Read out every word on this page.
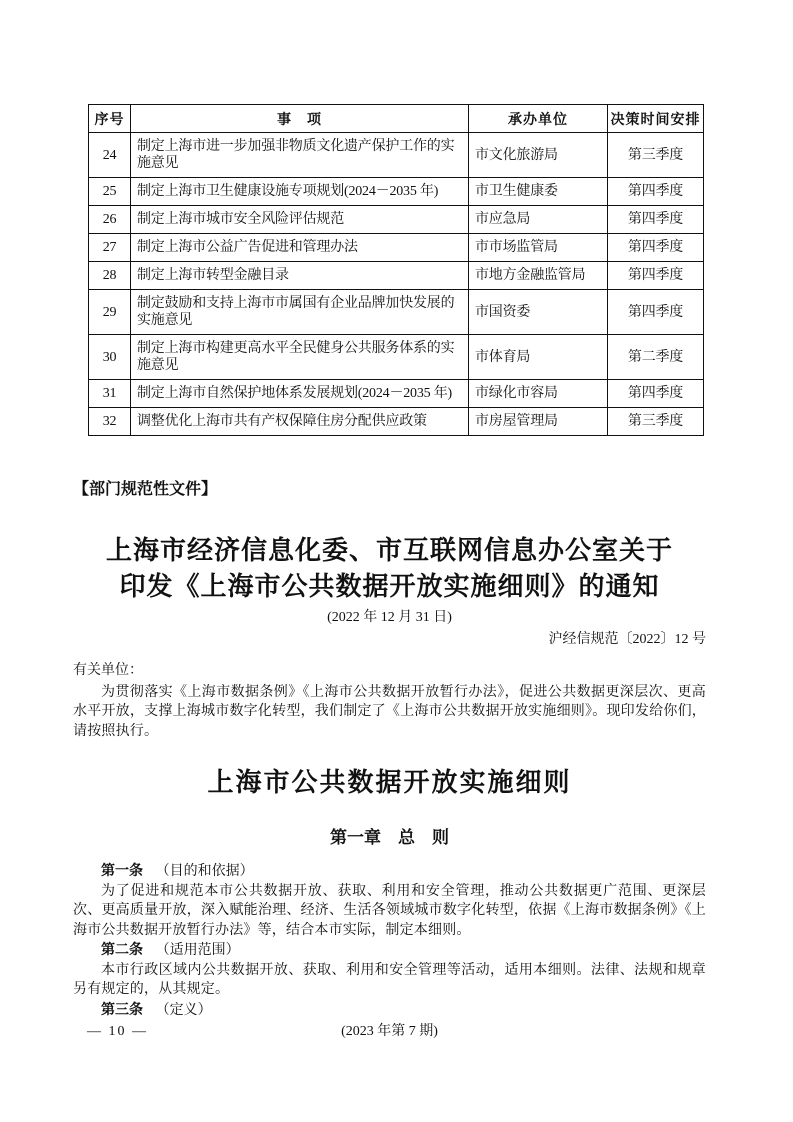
序号	事　项	承办单位	决策时间安排
24	制定上海市进一步加强非物质文化遗产保护工作的实施意见	市文化旅游局	第三季度
25	制定上海市卫生健康设施专项规划(2024－2035 年)	市卫生健康委	第四季度
26	制定上海市城市安全风险评估规范	市应急局	第四季度
27	制定上海市公益广告促进和管理办法	市市场监管局	第四季度
28	制定上海市转型金融目录	市地方金融监管局	第四季度
29	制定鼓励和支持上海市市属国有企业品牌加快发展的实施意见	市国资委	第四季度
30	制定上海市构建更高水平全民健身公共服务体系的实施意见	市体育局	第二季度
31	制定上海市自然保护地体系发展规划(2024－2035 年)	市绿化市容局	第四季度
32	调整优化上海市共有产权保障住房分配供应政策	市房屋管理局	第三季度
【部门规范性文件】
上海市经济信息化委、市互联网信息办公室关于
印发《上海市公共数据开放实施细则》的通知
(2022 年 12 月 31 日)
沪经信规范〔2022〕12 号
有关单位：

为贯彻落实《上海市数据条例》《上海市公共数据开放暂行办法》，促进公共数据更深层次、更高水平开放，支撑上海城市数字化转型，我们制定了《上海市公共数据开放实施细则》。现印发给你们，请按照执行。

上海市公共数据开放实施细则
第一章　总　则

第一条 （目的和依据）

为了促进和规范本市公共数据开放、获取、利用和安全管理，推动公共数据更广范围、更深层次、更高质量开放，深入赋能治理、经济、生活各领域城市数字化转型，依据《上海市数据条例》《上海市公共数据开放暂行办法》等，结合本市实际，制定本细则。

第二条 （适用范围）

本市行政区域内公共数据开放、获取、利用和安全管理等活动，适用本细则。法律、法规和规章另有规定的，从其规定。

第三条 （定义）

— 10 —	(2023 年第 7 期)
